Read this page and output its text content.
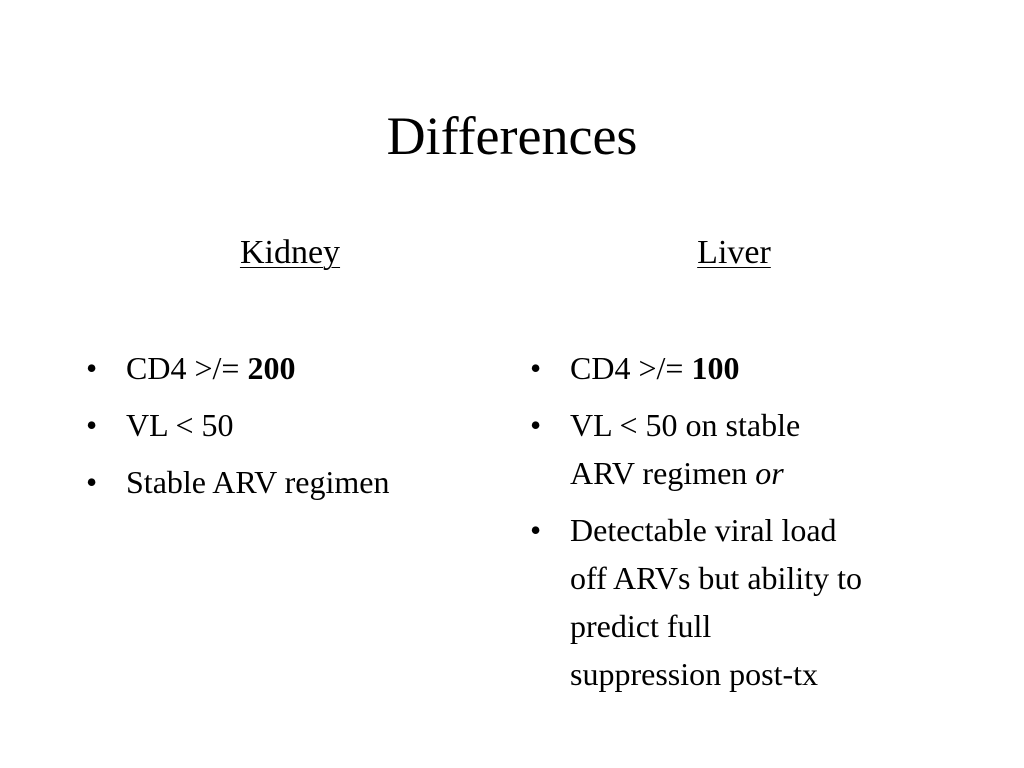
Differences
Kidney	Liver
• CD4 >/= 200
• VL < 50
• Stable ARV regimen
• CD4 >/= 100
• VL < 50 on stable
ARV regimen or
• Detectable viral load
off ARVs but ability to
predict full
suppression post-tx
